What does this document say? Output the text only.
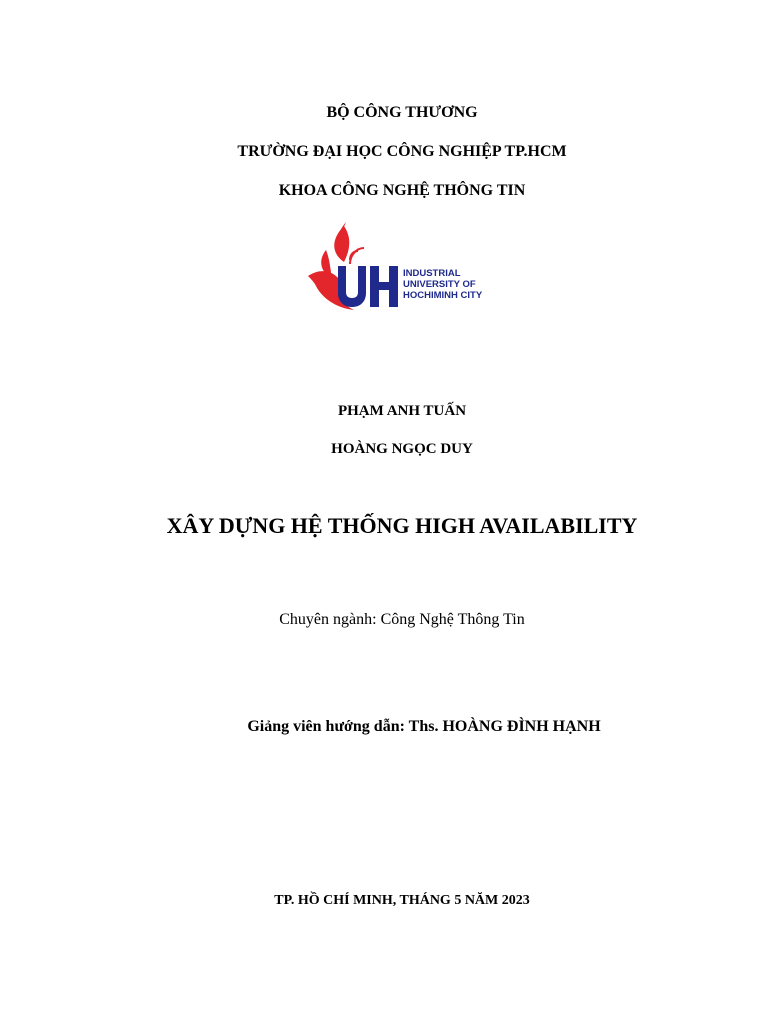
BỘ CÔNG THƯƠNG
TRƯỜNG ĐẠI HỌC CÔNG NGHIỆP TP.HCM
KHOA CÔNG NGHỆ THÔNG TIN
INDUSTRIAL
UNIVERSITY OF
HOCHIMINH CITY
PHẠM ANH TUẤN
HOÀNG NGỌC DUY
XÂY DỰNG HỆ THỐNG HIGH AVAILABILITY
Chuyên ngành: Công Nghệ Thông Tin
Giảng viên hướng dẫn: Ths. HOÀNG ĐÌNH HẠNH
TP. HỒ CHÍ MINH, THÁNG 5 NĂM 2023
